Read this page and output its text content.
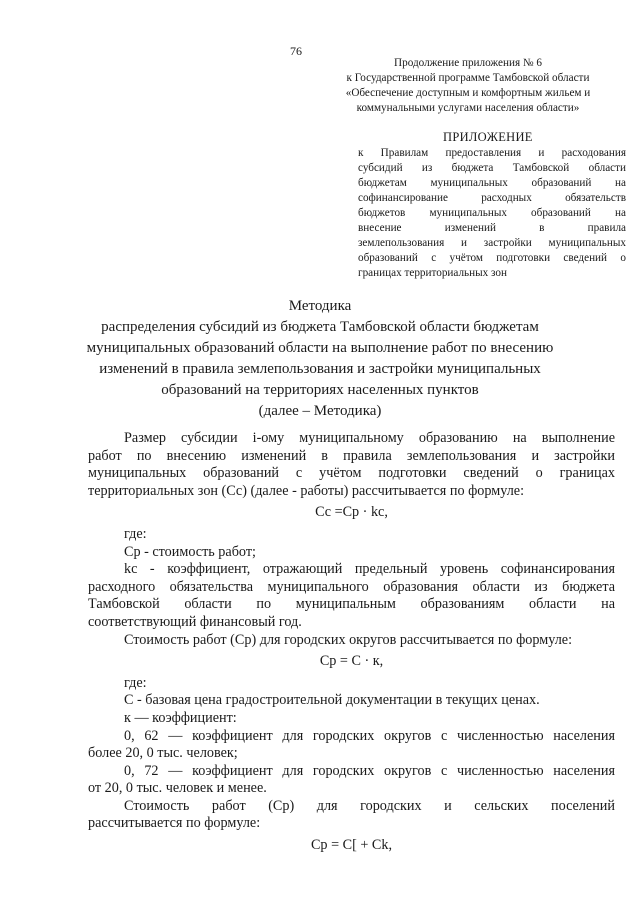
76
Продолжение приложения № 6
к Государственной программе Тамбовской области
«Обеспечение доступным и комфортным жильем и
коммунальными услугами населения области»
ПРИЛОЖЕНИЕ
к Правилам предоставления и расходования
субсидий из бюджета Тамбовской области
бюджетам муниципальных образований на
софинансирование расходных обязательств
бюджетов муниципальных образований на
внесение изменений в правила
землепользования и застройки муниципальных
образований с учётом подготовки сведений о
границах территориальных зон
Методика
распределения субсидий из бюджета Тамбовской области бюджетам
муниципальных образований области на выполнение работ по внесению
изменений в правила землепользования и застройки муниципальных
образований на территориях населенных пунктов
(далее – Методика)
Размер субсидии i-ому муниципальному образованию на выполнение
работ по внесению изменений в правила землепользования и застройки
муниципальных образований с учётом подготовки сведений о границах
территориальных зон (Сс) (далее - работы) рассчитывается по формуле:
Сс =Ср · kс,
где:
Ср - стоимость работ;
kс - коэффициент, отражающий предельный уровень софинансирования
расходного обязательства муниципального образования области из бюджета
Тамбовской области по муниципальным образованиям области на
соответствующий финансовый год.
Стоимость работ (Ср) для городских округов рассчитывается по формуле:
Ср = С · к,
где:
С - базовая цена градостроительной документации в текущих ценах.
к — коэффициент:
0, 62 — коэффициент для городских округов с численностью населения
более 20, 0 тыс. человек;
0, 72 — коэффициент для городских округов с численностью населения
от 20, 0 тыс. человек и менее.
Стоимость работ (Ср) для городских и сельских поселений
рассчитывается по формуле:
Ср = С[ + Ck,
